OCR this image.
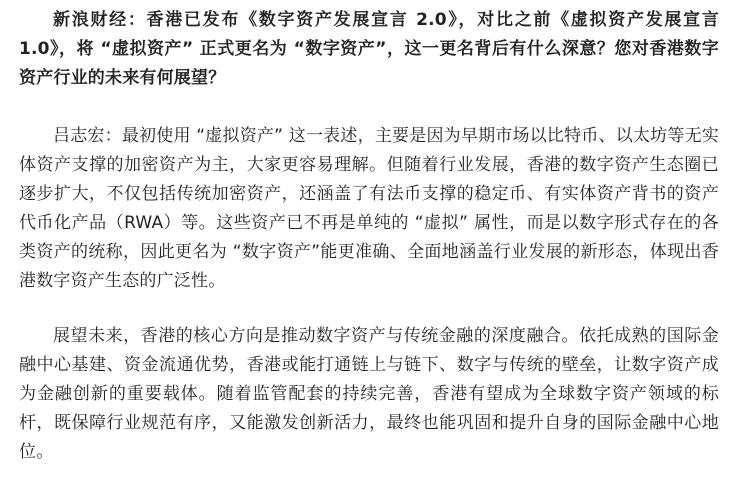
新浪财经：香港已发布《数字资产发展宣言 2.0》，对比之前《虚拟资产发展宣言 1.0》，将 “虚拟资产” 正式更名为 “数字资产”，这一更名背后有什么深意？您对香港数字资产行业的未来有何展望？

吕志宏：最初使用 “虚拟资产” 这一表述，主要是因为早期市场以比特币、以太坊等无实体资产支撑的加密资产为主，大家更容易理解。但随着行业发展，香港的数字资产生态圈已逐步扩大，不仅包括传统加密资产，还涵盖了有法币支撑的稳定币、有实体资产背书的资产代币化产品（RWA）等。这些资产已不再是单纯的 “虚拟” 属性，而是以数字形式存在的各类资产的统称，因此更名为 “数字资产”能更准确、全面地涵盖行业发展的新形态，体现出香港数字资产生态的广泛性。

展望未来，香港的核心方向是推动数字资产与传统金融的深度融合。依托成熟的国际金融中心基建、资金流通优势，香港或能打通链上与链下、数字与传统的壁垒，让数字资产成为金融创新的重要载体。随着监管配套的持续完善，香港有望成为全球数字资产领域的标杆，既保障行业规范有序，又能激发创新活力，最终也能巩固和提升自身的国际金融中心地位。
